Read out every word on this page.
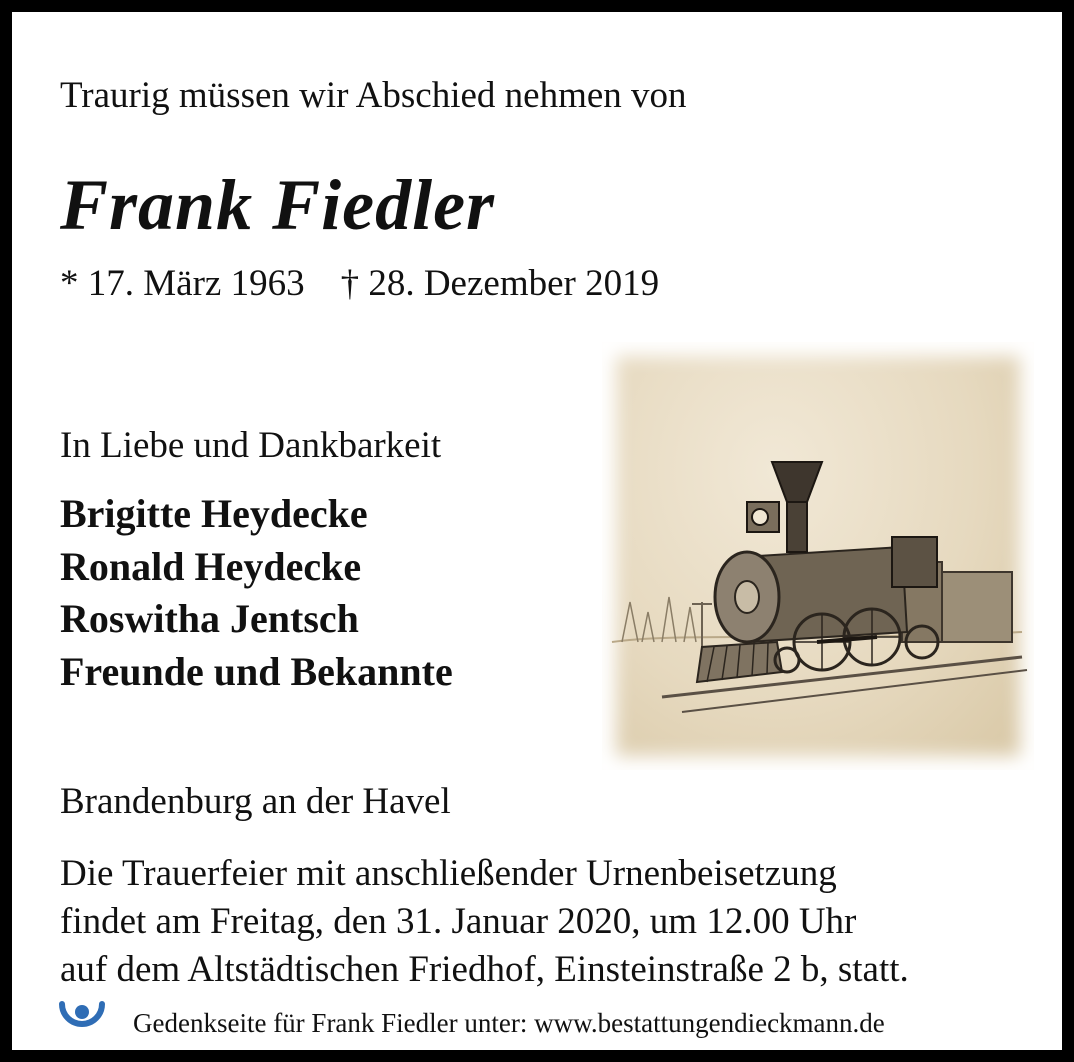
Traurig müssen wir Abschied nehmen von

Frank Fiedler

* 17. März 1963 † 28. Dezember 2019

In Liebe und Dankbarkeit

Brigitte Heydecke
Ronald Heydecke
Roswitha Jentsch
Freunde und Bekannte

Brandenburg an der Havel

Die Trauerfeier mit anschließender Urnenbeisetzung
findet am Freitag, den 31. Januar 2020, um 12.00 Uhr
auf dem Altstädtischen Friedhof, Einsteinstraße 2 b, statt.

Gedenkseite für Frank Fiedler unter: www.bestattungendieckmann.de
